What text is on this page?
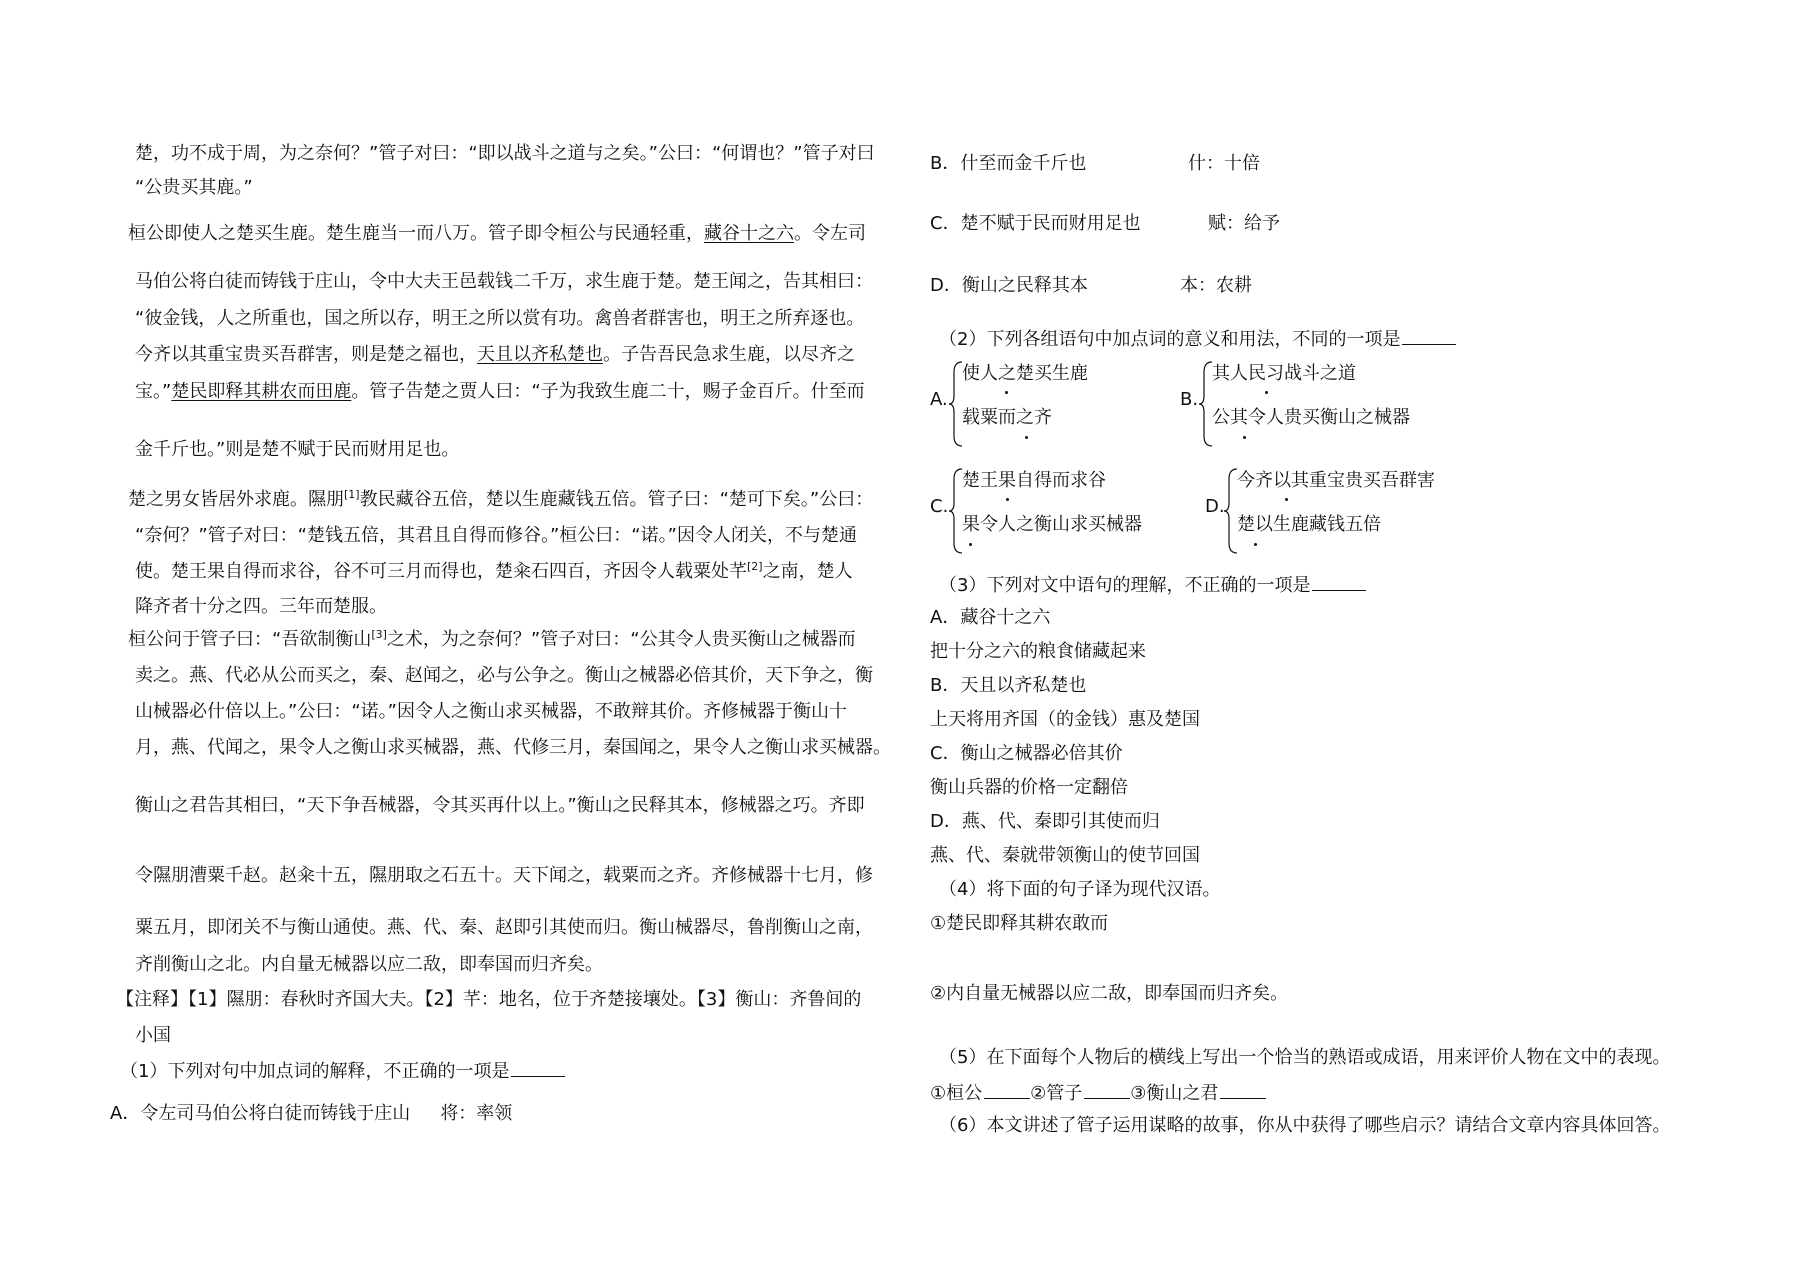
楚，功不成于周，为之奈何？”管子对曰：“即以战斗之道与之矣。”公曰：“何谓也？”管子对曰
“公贵买其鹿。”
桓公即使人之楚买生鹿。楚生鹿当一而八万。管子即令桓公与民通轻重，藏谷十之六。令左司
马伯公将白徒而铸钱于庄山，令中大夫王邑载钱二千万，求生鹿于楚。楚王闻之，告其相曰：
“彼金钱，人之所重也，国之所以存，明王之所以赏有功。禽兽者群害也，明王之所弃逐也。
今齐以其重宝贵买吾群害，则是楚之福也，天且以齐私楚也。子告吾民急求生鹿，以尽齐之
宝。”楚民即释其耕农而田鹿。管子告楚之贾人曰：“子为我致生鹿二十，赐子金百斤。什至而
金千斤也。”则是楚不赋于民而财用足也。
楚之男女皆居外求鹿。隰朋[1]教民藏谷五倍，楚以生鹿藏钱五倍。管子曰：“楚可下矣。”公曰：
“奈何？”管子对曰：“楚钱五倍，其君且自得而修谷。”桓公曰：“诺。”因令人闭关，不与楚通
使。楚王果自得而求谷，谷不可三月而得也，楚籴石四百，齐因令人载粟处芊[2]之南，楚人
降齐者十分之四。三年而楚服。
桓公问于管子曰：“吾欲制衡山[3]之术，为之奈何？”管子对曰：“公其令人贵买衡山之械器而
卖之。燕、代必从公而买之，秦、赵闻之，必与公争之。衡山之械器必倍其价，天下争之，衡
山械器必什倍以上。”公曰：“诺。”因令人之衡山求买械器，不敢辩其价。齐修械器于衡山十
月，燕、代闻之，果令人之衡山求买械器，燕、代修三月，秦国闻之，果令人之衡山求买械器。
衡山之君告其相曰，“天下争吾械器，令其买再什以上。”衡山之民释其本，修械器之巧。齐即
令隰朋漕粟千赵。赵籴十五，隰朋取之石五十。天下闻之，载粟而之齐。齐修械器十七月，修
粟五月，即闭关不与衡山通使。燕、代、秦、赵即引其使而归。衡山械器尽，鲁削衡山之南，
齐削衡山之北。内自量无械器以应二敌，即奉国而归齐矣。
【注释】【1】隰朋：春秋时齐国大夫。【2】芊：地名，位于齐楚接壤处。【3】衡山：齐鲁间的
小国
（1）下列对句中加点词的解释，不正确的一项是
A．令左司马伯公将白徒而铸钱于庄山 将：率领
B．什至而金千斤也	什：十倍
C．楚不赋于民而财用足也	赋：给予
D．衡山之民释其本	本：农耕
（2）下列各组语句中加点词的意义和用法，不同的一项是
A.
使人之楚买生鹿
载粟而之齐
B.
其人民习战斗之道
公其令人贵买衡山之械器
C.
楚王果自得而求谷
果令人之衡山求买械器
D.
今齐以其重宝贵买吾群害
楚以生鹿藏钱五倍
（3）下列对文中语句的理解，不正确的一项是
A．藏谷十之六
把十分之六的粮食储藏起来
B．天且以齐私楚也
上天将用齐国（的金钱）惠及楚国
C．衡山之械器必倍其价
衡山兵器的价格一定翻倍
D．燕、代、秦即引其使而归
燕、代、秦就带领衡山的使节回国
（4）将下面的句子译为现代汉语。
①楚民即释其耕农敢而
②内自量无械器以应二敌，即奉国而归齐矣。
（5）在下面每个人物后的横线上写出一个恰当的熟语或成语，用来评价人物在文中的表现。
①桓公	②管子	③衡山之君
（6）本文讲述了管子运用谋略的故事，你从中获得了哪些启示？请结合文章内容具体回答。
